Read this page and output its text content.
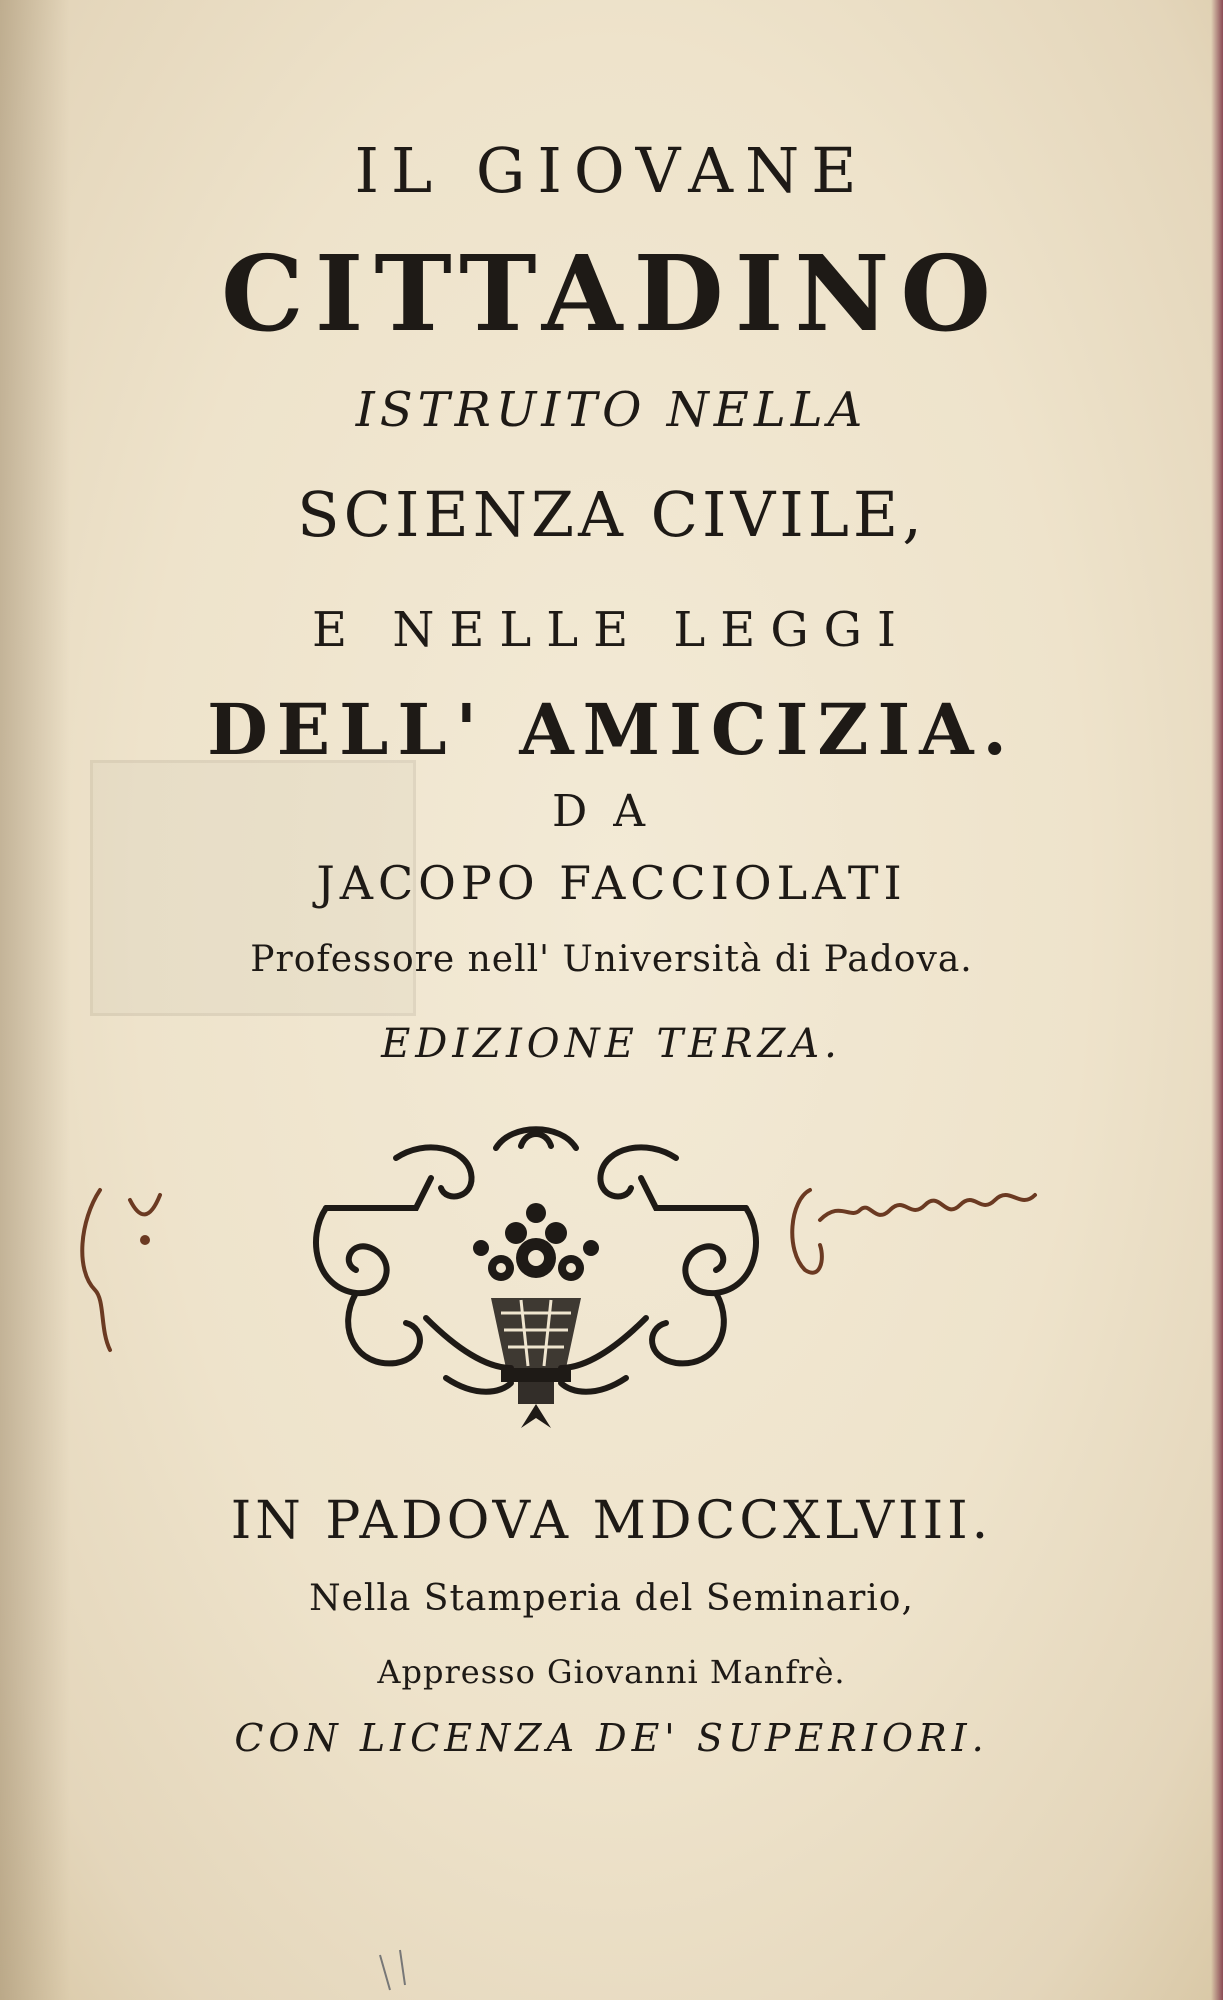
IL GIOVANE
CITTADINO
ISTRUITO NELLA
SCIENZA CIVILE,
E NELLE LEGGI
DELL' AMICIZIA.
DA
JACOPO FACCIOLATI
Professore nell' Università di Padova.
EDIZIONE TERZA.
IN PADOVA MDCCXLVIII.
Nella Stamperia del Seminario,
Appresso Giovanni Manfrè.
CON LICENZA DE' SUPERIORI.
